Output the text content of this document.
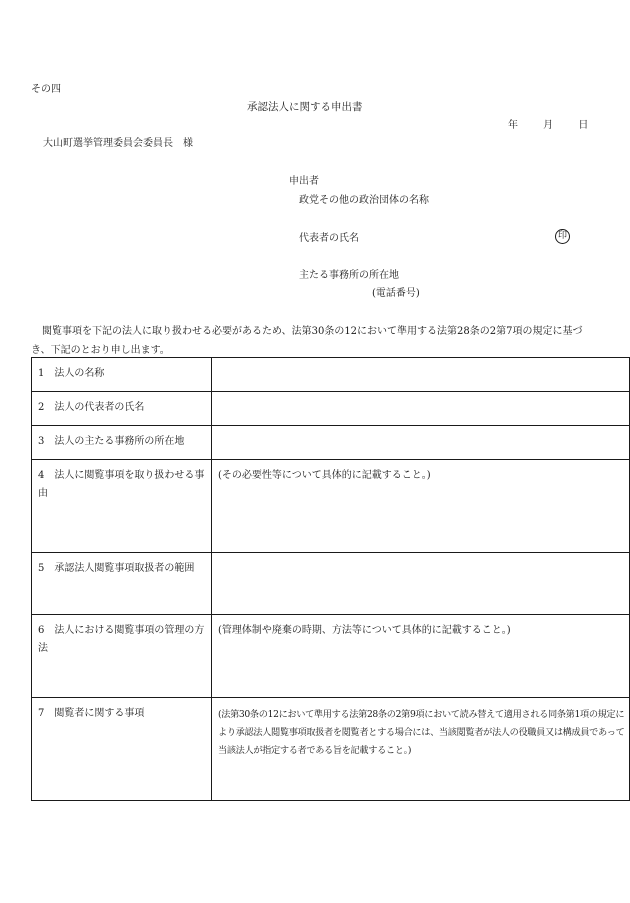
その四
承認法人に関する申出書
年 月 日
大山町選挙管理委員会委員長　様
申出者
政党その他の政治団体の名称
代表者の氏名	印
主たる事務所の所在地
(電話番号)
閲覧事項を下記の法人に取り扱わせる必要があるため、法第30条の12において準用する法第28条の2第7項の規定に基づき、下記のとおり申し出ます。
1 法人の名称	
2 法人の代表者の氏名	
3 法人の主たる事務所の所在地	
4 法人に閲覧事項を取り扱わせる事由	(その必要性等について具体的に記載すること。)
5 承認法人閲覧事項取扱者の範囲	
6 法人における閲覧事項の管理の方法	(管理体制や廃棄の時期、方法等について具体的に記載すること。)
7 閲覧者に関する事項	(法第30条の12において準用する法第28条の2第9項において読み替えて適用される同条第1項の規定により承認法人閲覧事項取扱者を閲覧者とする場合には、当該閲覧者が法人の役職員又は構成員であって当該法人が指定する者である旨を記載すること。)
